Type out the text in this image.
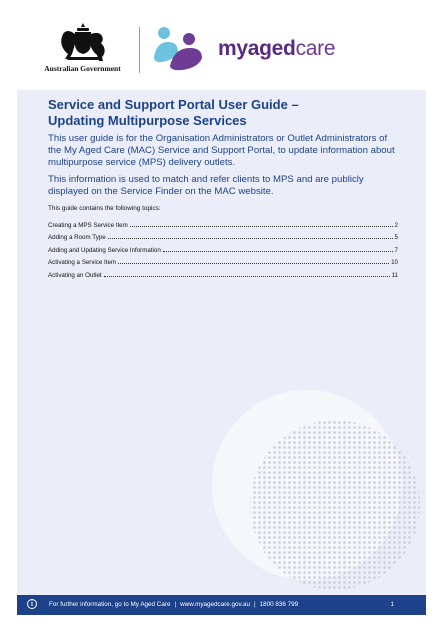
Australian Government
myagedcare
Service and Support Portal User Guide –
Updating Multipurpose Services

This user guide is for the Organisation Administrators or Outlet Administrators of the My Aged Care (MAC) Service and Support Portal, to update information about multipurpose service (MPS) delivery outlets.

This information is used to match and refer clients to MPS and are publicly displayed on the Service Finder on the MAC website.

This guide contains the following topics:

Creating a MPS Service Item	2
Adding a Room Type	5
Adding and Updating Service Information	7
Activating a Service Item	10
Activating an Outlet	11
i	For further information, go to My Aged Care | www.myagedcare.gov.au | 1800 836 799	1
